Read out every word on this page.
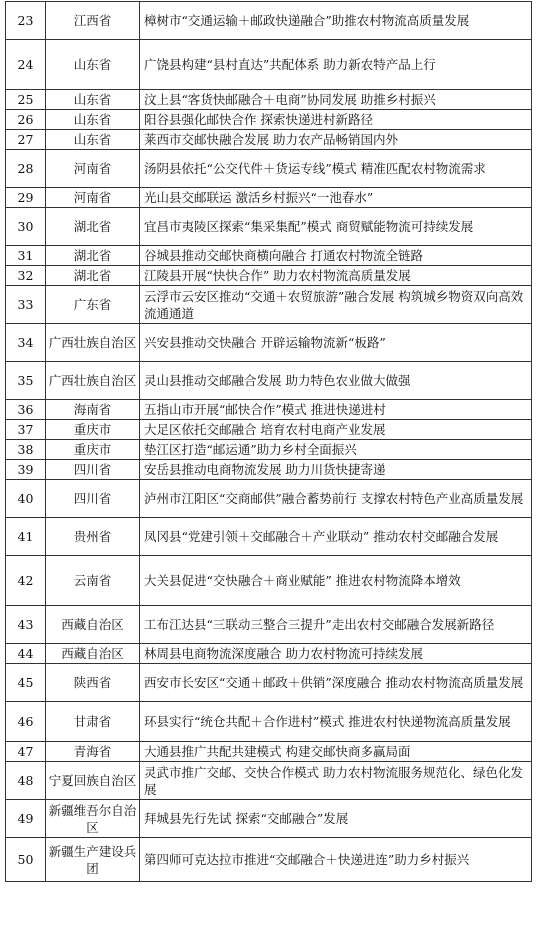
23	江西省	樟树市“交通运输＋邮政快递融合”助推农村物流高质量发展
24	山东省	广饶县构建“县村直达”共配体系 助力新农特产品上行
25	山东省	汶上县“客货快邮融合＋电商”协同发展 助推乡村振兴
26	山东省	阳谷县强化邮快合作 探索快递进村新路径
27	山东省	莱西市交邮快融合发展 助力农产品畅销国内外
28	河南省	汤阴县依托“公交代件＋货运专线”模式 精准匹配农村物流需求
29	河南省	光山县交邮联运 激活乡村振兴“一池春水”
30	湖北省	宜昌市夷陵区探索“集采集配”模式 商贸赋能物流可持续发展
31	湖北省	谷城县推动交邮快商横向融合 打通农村物流全链路
32	湖北省	江陵县开展“快快合作” 助力农村物流高质量发展
33	广东省	云浮市云安区推动“交通＋农贸旅游”融合发展 构筑城乡物资双向高效流通通道
34	广西壮族自治区	兴安县推动交快融合 开辟运输物流新“板路”
35	广西壮族自治区	灵山县推动交邮融合发展 助力特色农业做大做强
36	海南省	五指山市开展“邮快合作”模式 推进快递进村
37	重庆市	大足区依托交邮融合 培育农村电商产业发展
38	重庆市	垫江区打造“邮运通”助力乡村全面振兴
39	四川省	安岳县推动电商物流发展 助力川货快捷寄递
40	四川省	泸州市江阳区“交商邮供”融合蓄势前行 支撑农村特色产业高质量发展
41	贵州省	凤冈县“党建引领＋交邮融合＋产业联动” 推动农村交邮融合发展
42	云南省	大关县促进“交快融合＋商业赋能” 推进农村物流降本增效
43	西藏自治区	工布江达县“三联动三整合三提升”走出农村交邮融合发展新路径
44	西藏自治区	林周县电商物流深度融合 助力农村物流可持续发展
45	陕西省	西安市长安区“交通＋邮政＋供销”深度融合 推动农村物流高质量发展
46	甘肃省	环县实行“统仓共配＋合作进村”模式 推进农村快递物流高质量发展
47	青海省	大通县推广共配共建模式 构建交邮快商多赢局面
48	宁夏回族自治区	灵武市推广交邮、交快合作模式 助力农村物流服务规范化、绿色化发展
49	新疆维吾尔自治区	拜城县先行先试 探索“交邮融合”发展
50	新疆生产建设兵团	第四师可克达拉市推进“交邮融合＋快递进连”助力乡村振兴
